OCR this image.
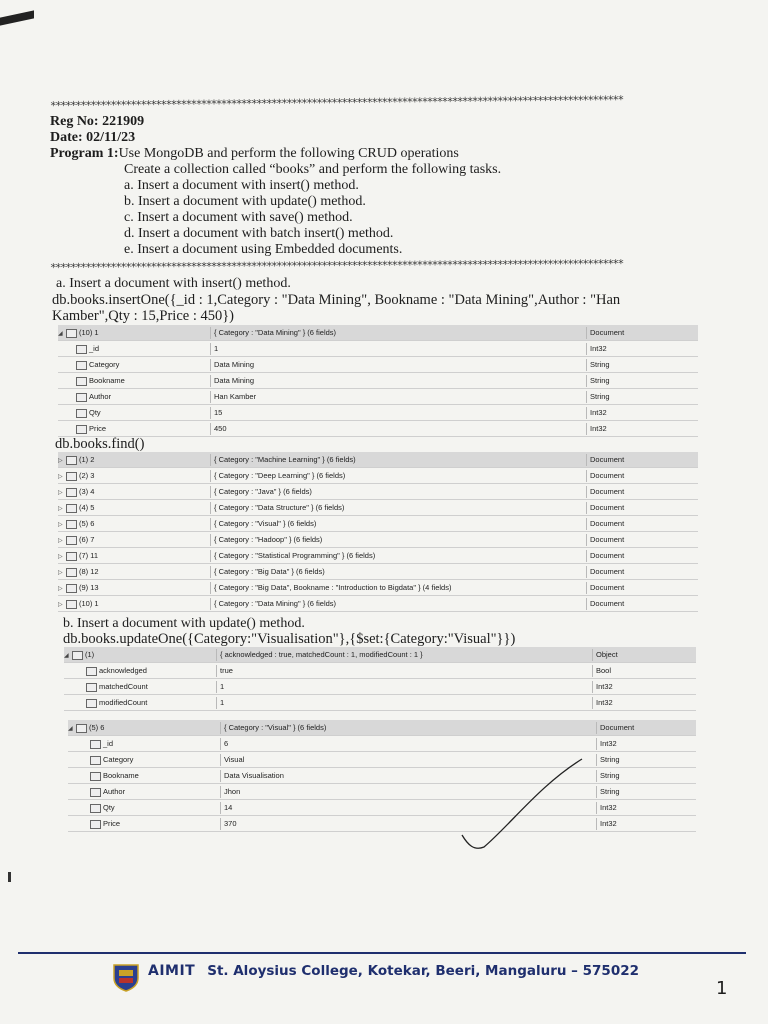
******************************************************************************************************************
Reg No: 221909
Date: 02/11/23
Program 1:Use MongoDB and perform the following CRUD operations
Create a collection called “books” and perform the following tasks.
a. Insert a document with insert() method.
b. Insert a document with update() method.
c. Insert a document with save() method.
d. Insert a document with batch insert() method.
e. Insert a document using Embedded documents.
******************************************************************************************************************
a. Insert a document with insert() method.
db.books.insertOne({_id : 1,Category : "Data Mining", Bookname : "Data Mining",Author : "Han
Kamber",Qty : 15,Price : 450})
◢ (10) 1	{ Category : "Data Mining" } (6 fields)	Document
_id	1	Int32
Category	Data Mining	String
Bookname	Data Mining	String
Author	Han Kamber	String
Qty	15	Int32
Price	450	Int32
db.books.find()
▷ (1) 2	{ Category : "Machine Learning" } (6 fields)	Document
▷ (2) 3	{ Category : "Deep Learning" } (6 fields)	Document
▷ (3) 4	{ Category : "Java" } (6 fields)	Document
▷ (4) 5	{ Category : "Data Structure" } (6 fields)	Document
▷ (5) 6	{ Category : "Visual" } (6 fields)	Document
▷ (6) 7	{ Category : "Hadoop" } (6 fields)	Document
▷ (7) 11	{ Category : "Statistical Programming" } (6 fields)	Document
▷ (8) 12	{ Category : "Big Data" } (6 fields)	Document
▷ (9) 13	{ Category : "Big Data", Bookname : "Introduction to Bigdata" } (4 fields)	Document
▷ (10) 1	{ Category : "Data Mining" } (6 fields)	Document
b. Insert a document with update() method.
db.books.updateOne({Category:"Visualisation"},{$set:{Category:"Visual"}})
◢ (1)	{ acknowledged : true, matchedCount : 1, modifiedCount : 1 }	Object
acknowledged	true	Bool
matchedCount	1	Int32
modifiedCount	1	Int32
◢ (5) 6	{ Category : "Visual" } (6 fields)	Document
_id	6	Int32
Category	Visual	String
Bookname	Data Visualisation	String
Author	Jhon	String
Qty	14	Int32
Price	370	Int32
AIMIT St. Aloysius College, Kotekar, Beeri, Mangaluru – 575022
1
